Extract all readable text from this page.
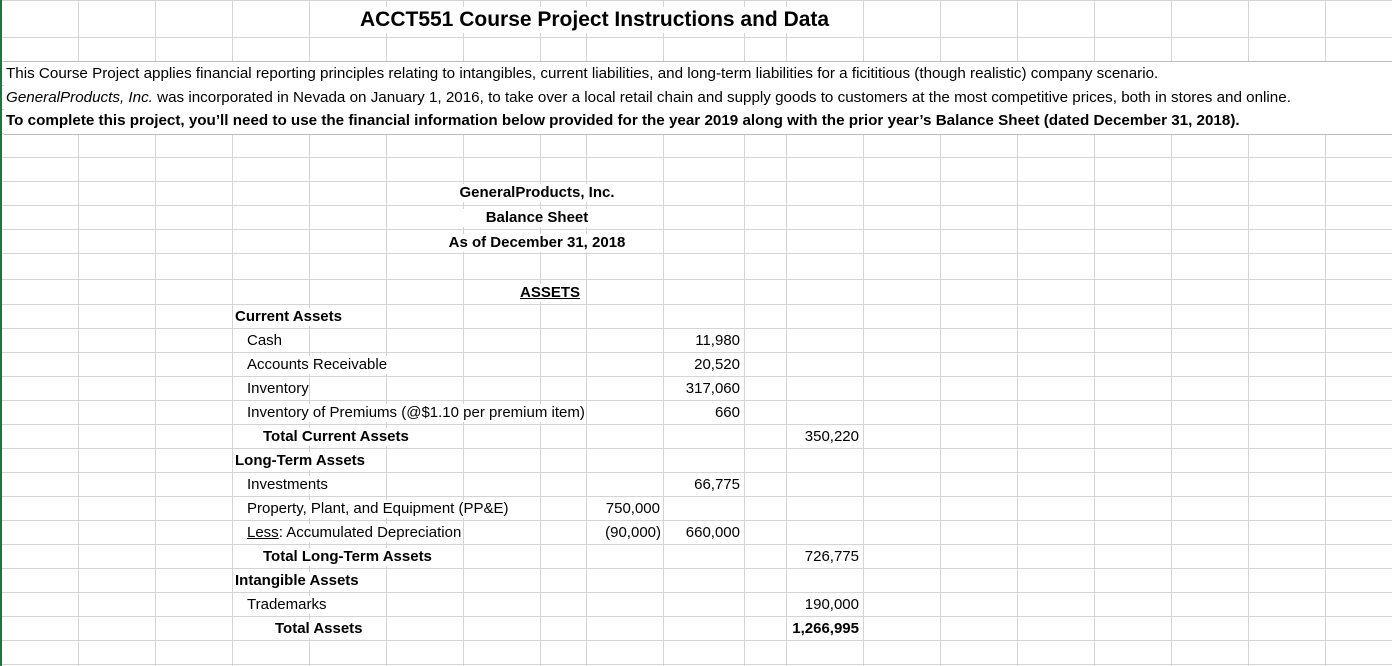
ACCT551 Course Project Instructions and Data
This Course Project applies financial reporting principles relating to intangibles, current liabilities, and long-term liabilities for a ficititious (though realistic) company scenario.
GeneralProducts, Inc. was incorporated in Nevada on January 1, 2016, to take over a local retail chain and supply goods to customers at the most competitive prices, both in stores and online.
To complete this project, you’ll need to use the financial information below provided for the year 2019 along with the prior year’s Balance Sheet (dated December 31, 2018).
GeneralProducts, Inc.
Balance Sheet
As of December 31, 2018
ASSETS
Current Assets
Cash	11,980
Accounts Receivable	20,520
Inventory	317,060
Inventory of Premiums (@$1.10 per premium item)	660
Total Current Assets	350,220
Long-Term Assets
Investments	66,775
Property, Plant, and Equipment (PP&E)	750,000
Less: Accumulated Depreciation	(90,000)	660,000
Total Long-Term Assets	726,775
Intangible Assets
Trademarks	190,000
Total Assets	1,266,995
